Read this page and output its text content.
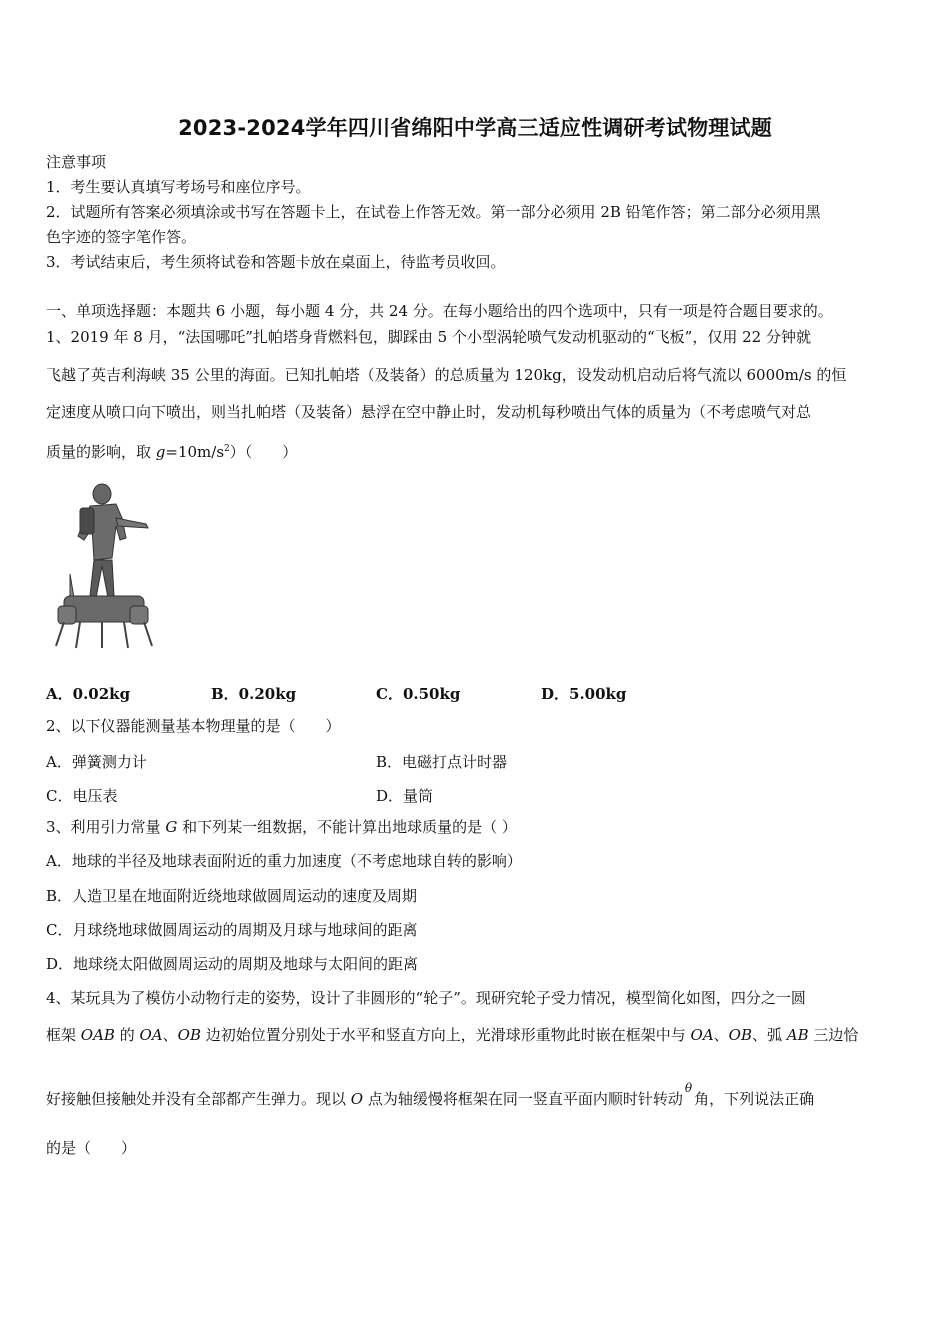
2023-2024学年四川省绵阳中学高三适应性调研考试物理试题
注意事项
1．考生要认真填写考场号和座位序号。
2．试题所有答案必须填涂或书写在答题卡上，在试卷上作答无效。第一部分必须用 2B 铅笔作答；第二部分必须用黑
色字迹的签字笔作答。
3．考试结束后，考生须将试卷和答题卡放在桌面上，待监考员收回。
一、单项选择题：本题共 6 小题，每小题 4 分，共 24 分。在每小题给出的四个选项中，只有一项是符合题目要求的。
1、2019 年 8 月，“法国哪吒”扎帕塔身背燃料包，脚踩由 5 个小型涡轮喷气发动机驱动的“飞板”，仅用 22 分钟就
飞越了英吉利海峡 35 公里的海面。已知扎帕塔（及装备）的总质量为 120kg，设发动机启动后将气流以 6000m/s 的恒
定速度从喷口向下喷出，则当扎帕塔（及装备）悬浮在空中静止时，发动机每秒喷出气体的质量为（不考虑喷气对总
质量的影响，取 $g=10m/s^2$）（　　）
A．0.02kg	B．0.20kg	C．0.50kg	D．5.00kg
2、以下仪器能测量基本物理量的是（　　）
A．弹簧测力计	B．电磁打点计时器
C．电压表	D．量筒
3、利用引力常量 G 和下列某一组数据，不能计算出地球质量的是（ ）
A．地球的半径及地球表面附近的重力加速度（不考虑地球自转的影响）
B．人造卫星在地面附近绕地球做圆周运动的速度及周期
C．月球绕地球做圆周运动的周期及月球与地球间的距离
D．地球绕太阳做圆周运动的周期及地球与太阳间的距离
4、某玩具为了模仿小动物行走的姿势，设计了非圆形的“轮子”。现研究轮子受力情况，模型简化如图，四分之一圆
框架 OAB 的 OA、OB 边初始位置分别处于水平和竖直方向上，光滑球形重物此时嵌在框架中与 OA、OB、弧 AB 三边恰
好接触但接触处并没有全部都产生弹力。现以 O 点为轴缓慢将框架在同一竖直平面内顺时针转动θ角，下列说法正确
的是（　　）
